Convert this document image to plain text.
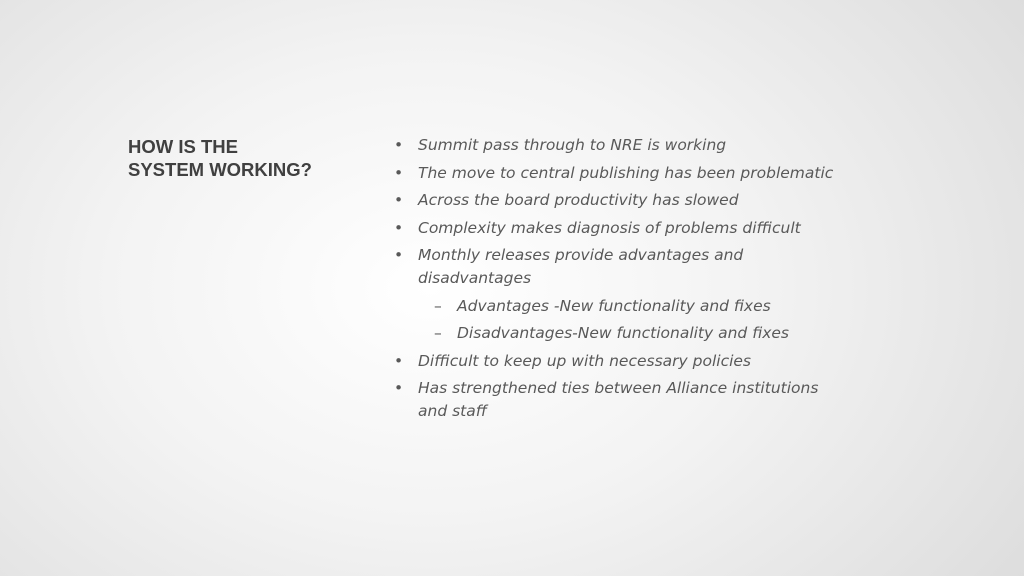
HOW IS THE
SYSTEM WORKING?
• Summit pass through to NRE is working
• The move to central publishing has been problematic
• Across the board productivity has slowed
• Complexity makes diagnosis of problems difficult
• Monthly releases provide advantages and disadvantages
– Advantages -New functionality and fixes
– Disadvantages-New functionality and fixes
• Difficult to keep up with necessary policies
• Has strengthened ties between Alliance institutions and staff
